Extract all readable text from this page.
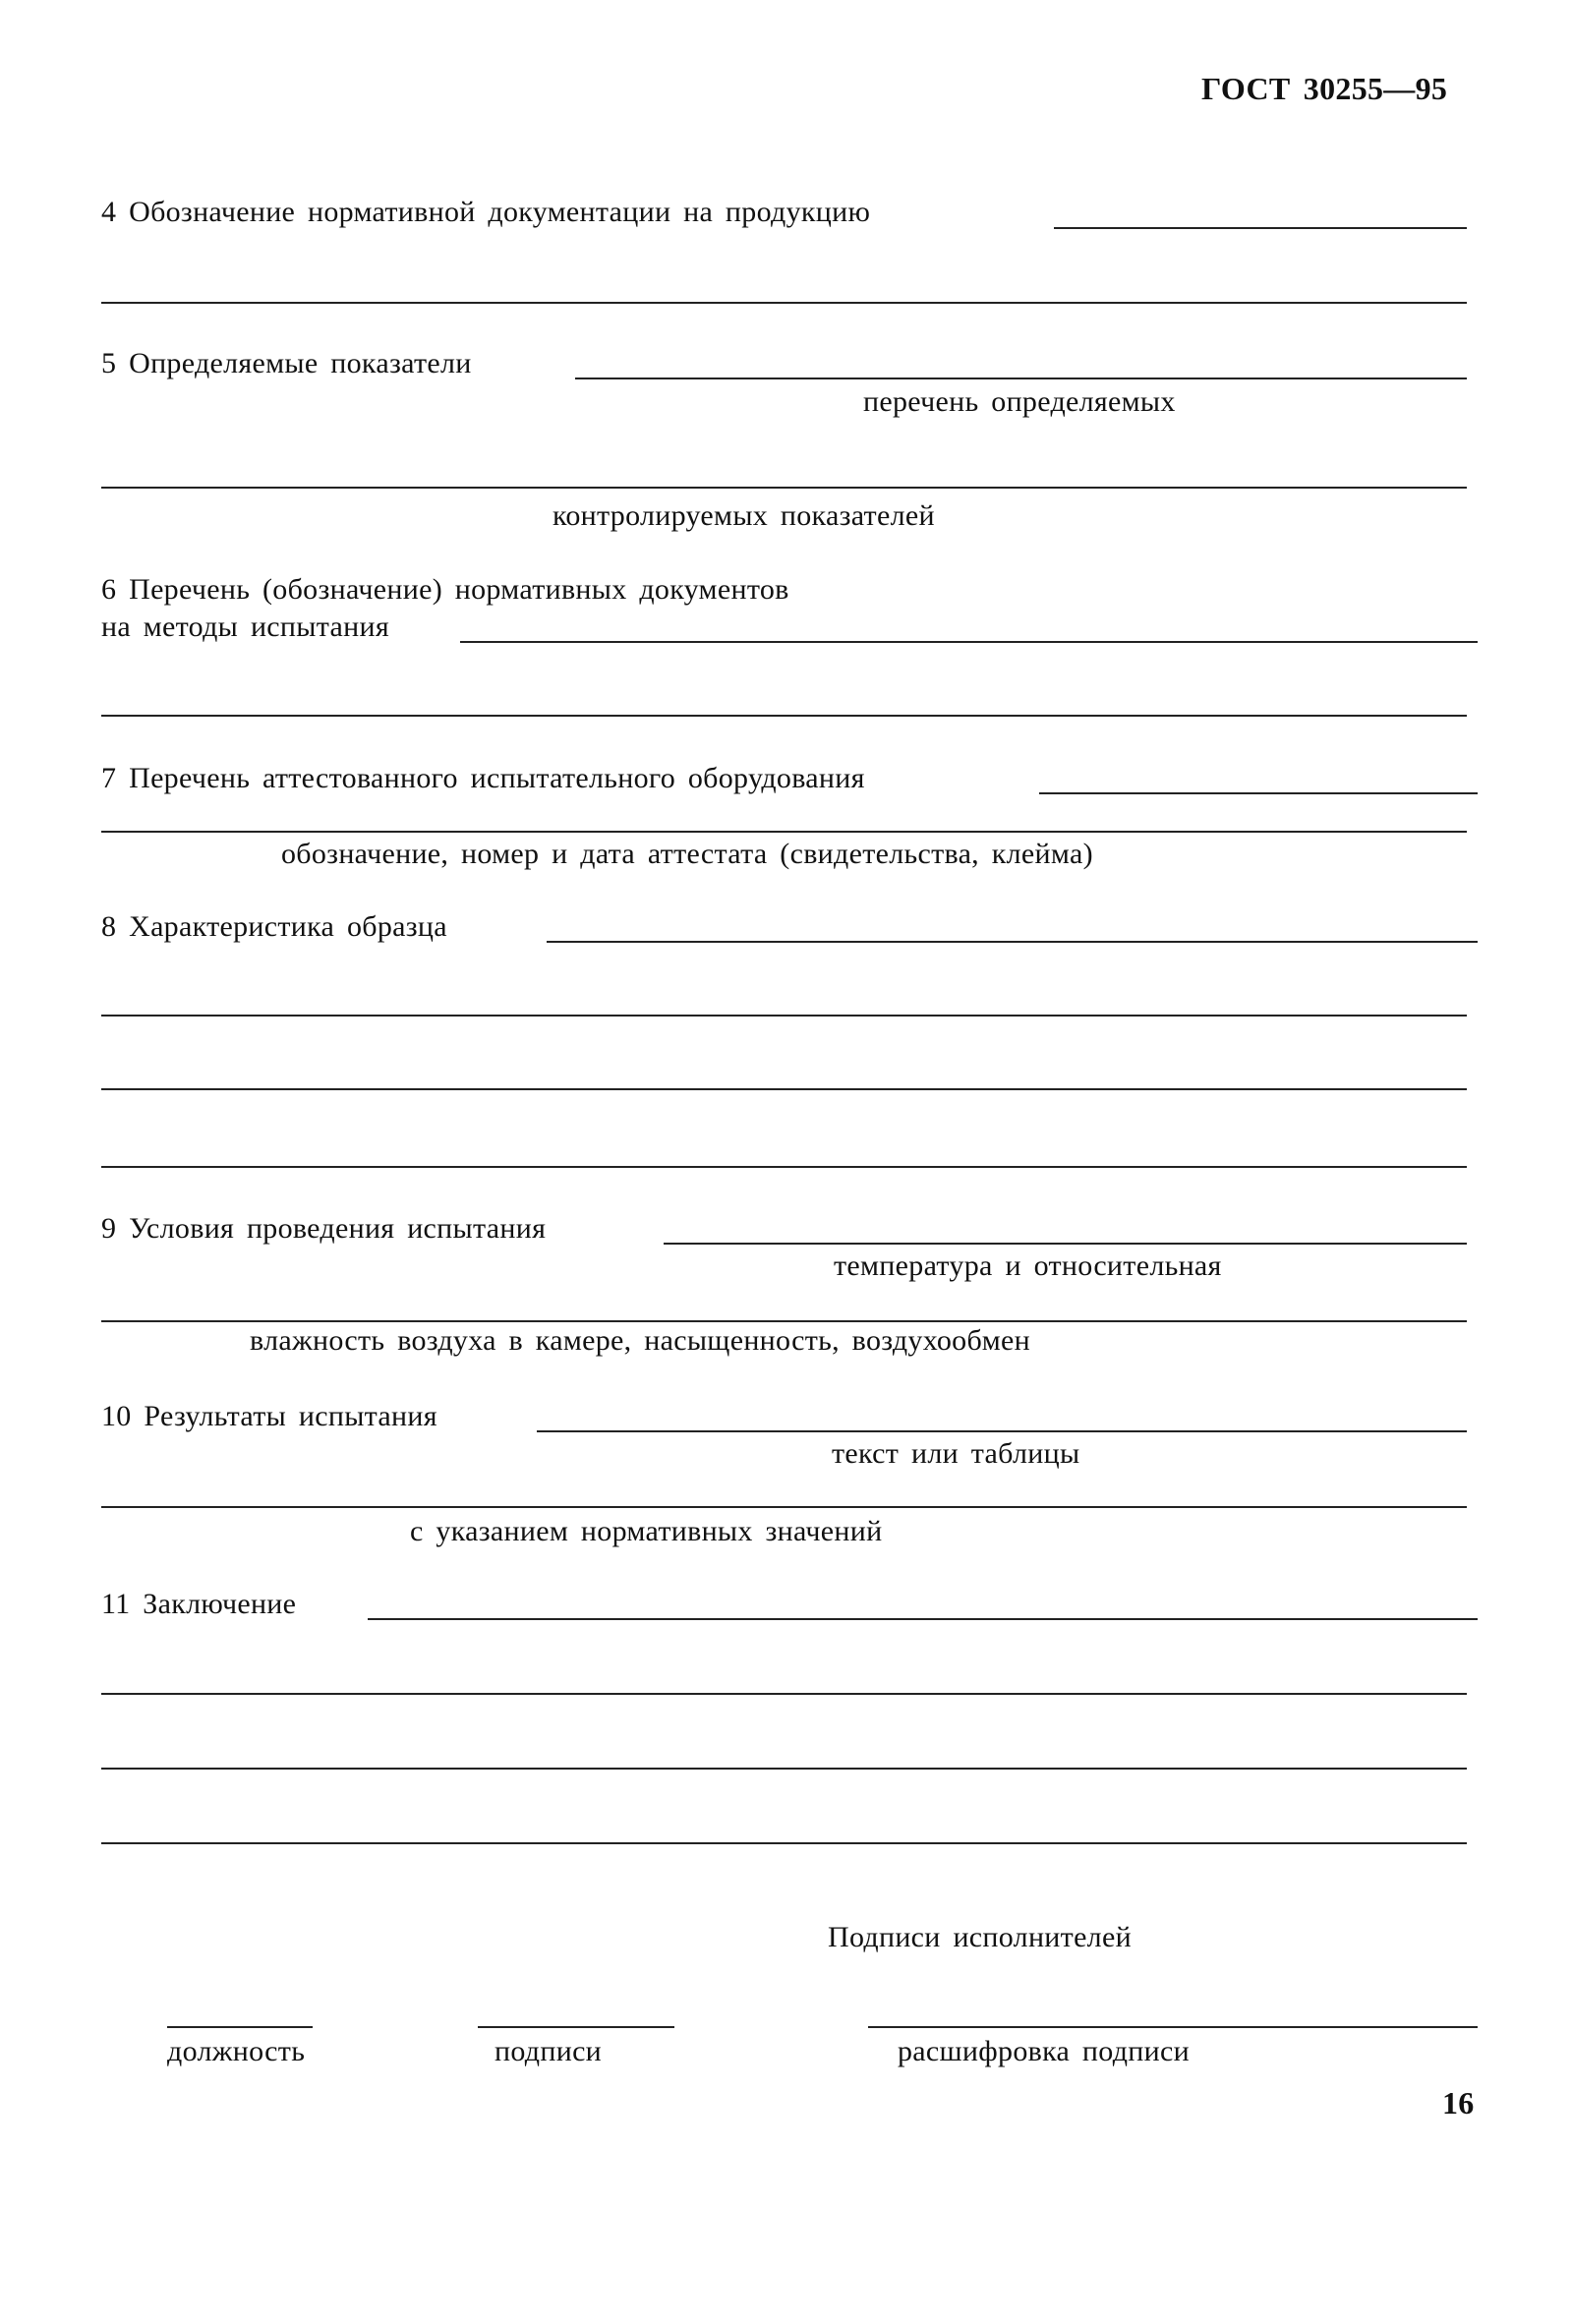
ГОСТ 30255—95
4 Обозначение нормативной документации на продукцию
5 Определяемые показатели
перечень определяемых
контролируемых показателей
6 Перечень (обозначение) нормативных документов
на методы испытания
7 Перечень аттестованного испытательного оборудования
обозначение, номер и дата аттестата (свидетельства, клейма)
8 Характеристика образца
9 Условия проведения испытания
температура и относительная
влажность воздуха в камере, насыщенность, воздухообмен
10 Результаты испытания
текст или таблицы
с указанием нормативных значений
11 Заключение
Подписи исполнителей
должность	подписи	расшифровка подписи
16
